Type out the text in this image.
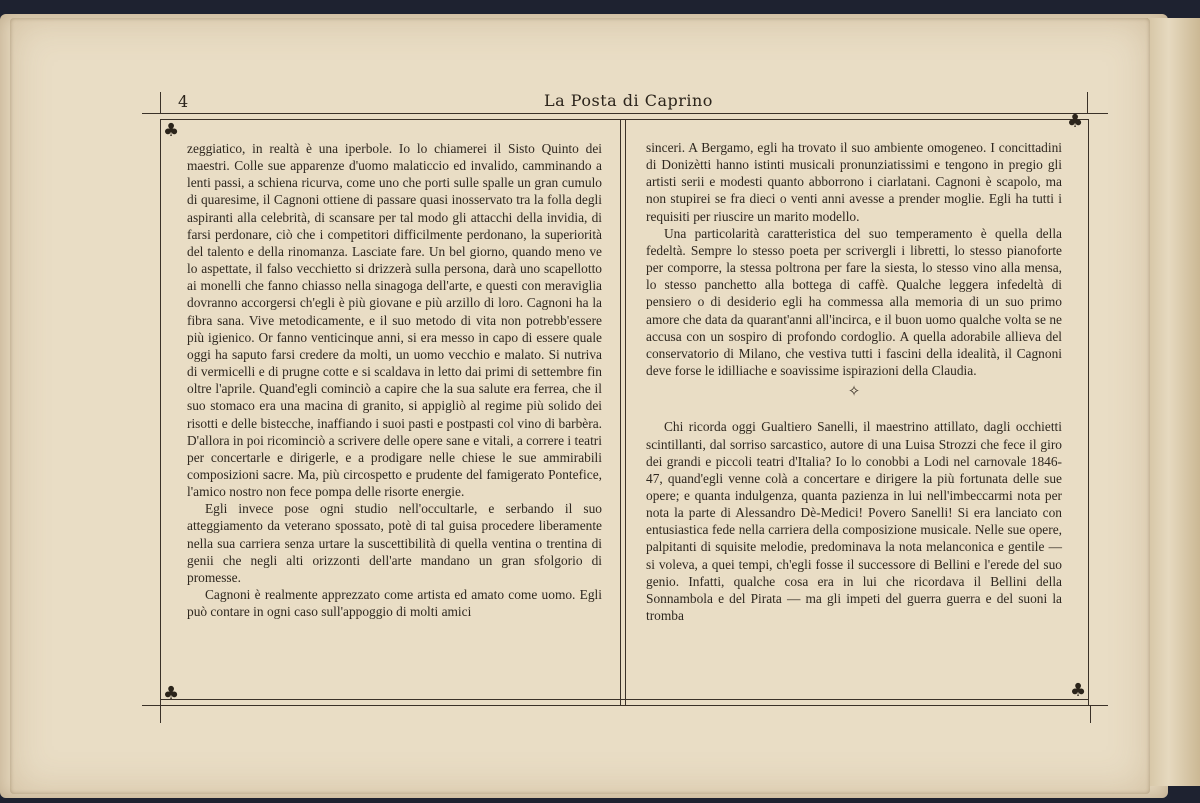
4	La Posta di Caprino
♣	♣
♣	♣

zeggiatico, in realtà è una iperbole. Io lo chiamerei il Sisto Quinto dei maestri. Colle sue apparenze d'uomo malaticcio ed invalido, camminando a lenti passi, a schiena ricurva, come uno che porti sulle spalle un gran cumulo di quaresime, il Cagnoni ottiene di passare quasi inosservato tra la folla degli aspiranti alla celebrità, di scansare per tal modo gli attacchi della invidia, di farsi perdonare, ciò che i competitori difficilmente perdonano, la superiorità del talento e della rinomanza. Lasciate fare. Un bel giorno, quando meno ve lo aspettate, il falso vecchietto si drizzerà sulla persona, darà uno scapellotto ai monelli che fanno chiasso nella sinagoga dell'arte, e questi con meraviglia dovranno accorgersi ch'egli è più giovane e più arzillo di loro. Cagnoni ha la fibra sana. Vive metodicamente, e il suo metodo di vita non potrebb'essere più igienico. Or fanno venticinque anni, si era messo in capo di essere quale oggi ha saputo farsi credere da molti, un uomo vecchio e malato. Si nutriva di vermicelli e di prugne cotte e si scaldava in letto dai primi di settembre fin oltre l'aprile. Quand'egli cominciò a capire che la sua salute era ferrea, che il suo stomaco era una macina di granito, si appigliò al regime più solido dei risotti e delle bistecche, inaffiando i suoi pasti e postpasti col vino di barbèra. D'allora in poi ricominciò a scrivere delle opere sane e vitali, a correre i teatri per concertarle e dirigerle, e a prodigare nelle chiese le sue ammirabili composizioni sacre. Ma, più circospetto e prudente del famigerato Pontefice, l'amico nostro non fece pompa delle risorte energie.

Egli invece pose ogni studio nell'occultarle, e serbando il suo atteggiamento da veterano spossato, potè di tal guisa procedere liberamente nella sua carriera senza urtare la suscettibilità di quella ventina o trentina di genii che negli alti orizzonti dell'arte mandano un gran sfolgorio di promesse.

Cagnoni è realmente apprezzato come artista ed amato come uomo. Egli può contare in ogni caso sull'appoggio di molti amici

sinceri. A Bergamo, egli ha trovato il suo ambiente omogeneo. I concittadini di Donizètti hanno istinti musicali pronunziatissimi e tengono in pregio gli artisti serii e modesti quanto abborrono i ciarlatani. Cagnoni è scapolo, ma non stupirei se fra dieci o venti anni avesse a prender moglie. Egli ha tutti i requisiti per riuscire un marito modello.

Una particolarità caratteristica del suo temperamento è quella della fedeltà. Sempre lo stesso poeta per scrivergli i libretti, lo stesso pianoforte per comporre, la stessa poltrona per fare la siesta, lo stesso vino alla mensa, lo stesso panchetto alla bottega di caffè. Qualche leggera infedeltà di pensiero o di desiderio egli ha commessa alla memoria di un suo primo amore che data da quarant'anni all'incirca, e il buon uomo qualche volta se ne accusa con un sospiro di profondo cordoglio. A quella adorabile allieva del conservatorio di Milano, che vestiva tutti i fascini della idealità, il Cagnoni deve forse le idilliache e soavissime ispirazioni della Claudia.

✧

Chi ricorda oggi Gualtiero Sanelli, il maestrino attillato, dagli occhietti scintillanti, dal sorriso sarcastico, autore di una Luisa Strozzi che fece il giro dei grandi e piccoli teatri d'Italia? Io lo conobbi a Lodi nel carnovale 1846-47, quand'egli venne colà a concertare e dirigere la più fortunata delle sue opere; e quanta indulgenza, quanta pazienza in lui nell'imbeccarmi nota per nota la parte di Alessandro Dè-Medici! Povero Sanelli! Si era lanciato con entusiastica fede nella carriera della composizione musicale. Nelle sue opere, palpitanti di squisite melodie, predominava la nota melanconica e gentile — si voleva, a quei tempi, ch'egli fosse il successore di Bellini e l'erede del suo genio. Infatti, qualche cosa era in lui che ricordava il Bellini della Sonnambola e del Pirata — ma gli impeti del guerra guerra e del suoni la tromba
